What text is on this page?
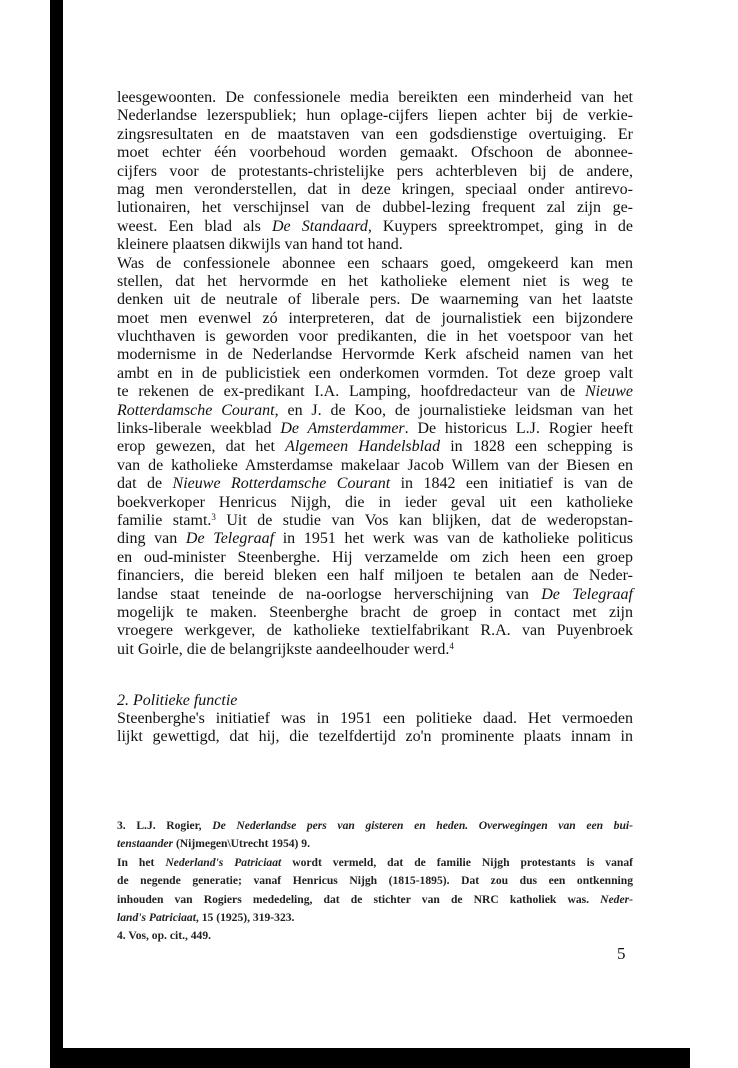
leesgewoonten. De confessionele media bereikten een minderheid van het
Nederlandse lezerspubliek; hun oplage-cijfers liepen achter bij de verkie-
zingsresultaten en de maatstaven van een godsdienstige overtuiging. Er
moet echter één voorbehoud worden gemaakt. Ofschoon de abonnee-
cijfers voor de protestants-christelijke pers achterbleven bij de andere,
mag men veronderstellen, dat in deze kringen, speciaal onder antirevo-
lutionairen, het verschijnsel van de dubbel-lezing frequent zal zijn ge-
weest. Een blad als De Standaard, Kuypers spreektrompet, ging in de
kleinere plaatsen dikwijls van hand tot hand.
Was de confessionele abonnee een schaars goed, omgekeerd kan men
stellen, dat het hervormde en het katholieke element niet is weg te
denken uit de neutrale of liberale pers. De waarneming van het laatste
moet men evenwel zó interpreteren, dat de journalistiek een bijzondere
vluchthaven is geworden voor predikanten, die in het voetspoor van het
modernisme in de Nederlandse Hervormde Kerk afscheid namen van het
ambt en in de publicistiek een onderkomen vormden. Tot deze groep valt
te rekenen de ex-predikant I.A. Lamping, hoofdredacteur van de Nieuwe
Rotterdamsche Courant, en J. de Koo, de journalistieke leidsman van het
links-liberale weekblad De Amsterdammer. De historicus L.J. Rogier heeft
erop gewezen, dat het Algemeen Handelsblad in 1828 een schepping is
van de katholieke Amsterdamse makelaar Jacob Willem van der Biesen en
dat de Nieuwe Rotterdamsche Courant in 1842 een initiatief is van de
boekverkoper Henricus Nijgh, die in ieder geval uit een katholieke
familie stamt.$^3$ Uit de studie van Vos kan blijken, dat de wederopstan-
ding van De Telegraaf in 1951 het werk was van de katholieke politicus
en oud-minister Steenberghe. Hij verzamelde om zich heen een groep
financiers, die bereid bleken een half miljoen te betalen aan de Neder-
landse staat teneinde de na-oorlogse herverschijning van De Telegraaf
mogelijk te maken. Steenberghe bracht de groep in contact met zijn
vroegere werkgever, de katholieke textielfabrikant R.A. van Puyenbroek
uit Goirle, die de belangrijkste aandeelhouder werd.$^4$
2. Politieke functie
Steenberghe's initiatief was in 1951 een politieke daad. Het vermoeden
lijkt gewettigd, dat hij, die tezelfdertijd zo'n prominente plaats innam in
3. L.J. Rogier, De Nederlandse pers van gisteren en heden. Overwegingen van een bui-
tenstaander (Nijmegen\Utrecht 1954) 9.
In het Nederland's Patriciaat wordt vermeld, dat de familie Nijgh protestants is vanaf
de negende generatie; vanaf Henricus Nijgh (1815-1895). Dat zou dus een ontkenning
inhouden van Rogiers mededeling, dat de stichter van de NRC katholiek was. Neder-
land's Patriciaat, 15 (1925), 319-323.
4. Vos, op. cit., 449.
5
